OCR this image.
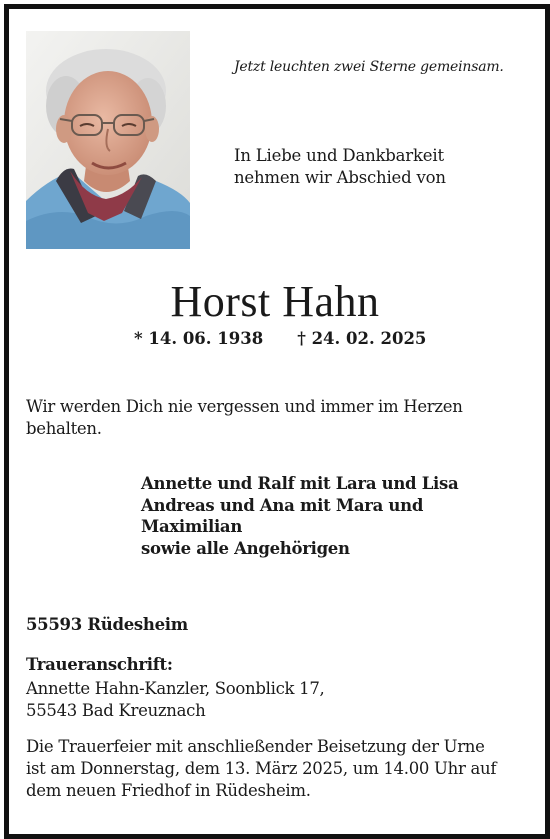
Jetzt leuchten zwei Sterne gemeinsam.
In Liebe und Dankbarkeit
nehmen wir Abschied von
Horst Hahn
* 14. 06. 1938 † 24. 02. 2025
Wir werden Dich nie vergessen und immer im Herzen
behalten.
Annette und Ralf mit Lara und Lisa
Andreas und Ana mit Mara und
Maximilian
sowie alle Angehörigen
55593 Rüdesheim
Traueranschrift:
Annette Hahn-Kanzler, Soonblick 17,
55543 Bad Kreuznach
Die Trauerfeier mit anschließender Beisetzung der Urne
ist am Donnerstag, dem 13. März 2025, um 14.00 Uhr auf
dem neuen Friedhof in Rüdesheim.
